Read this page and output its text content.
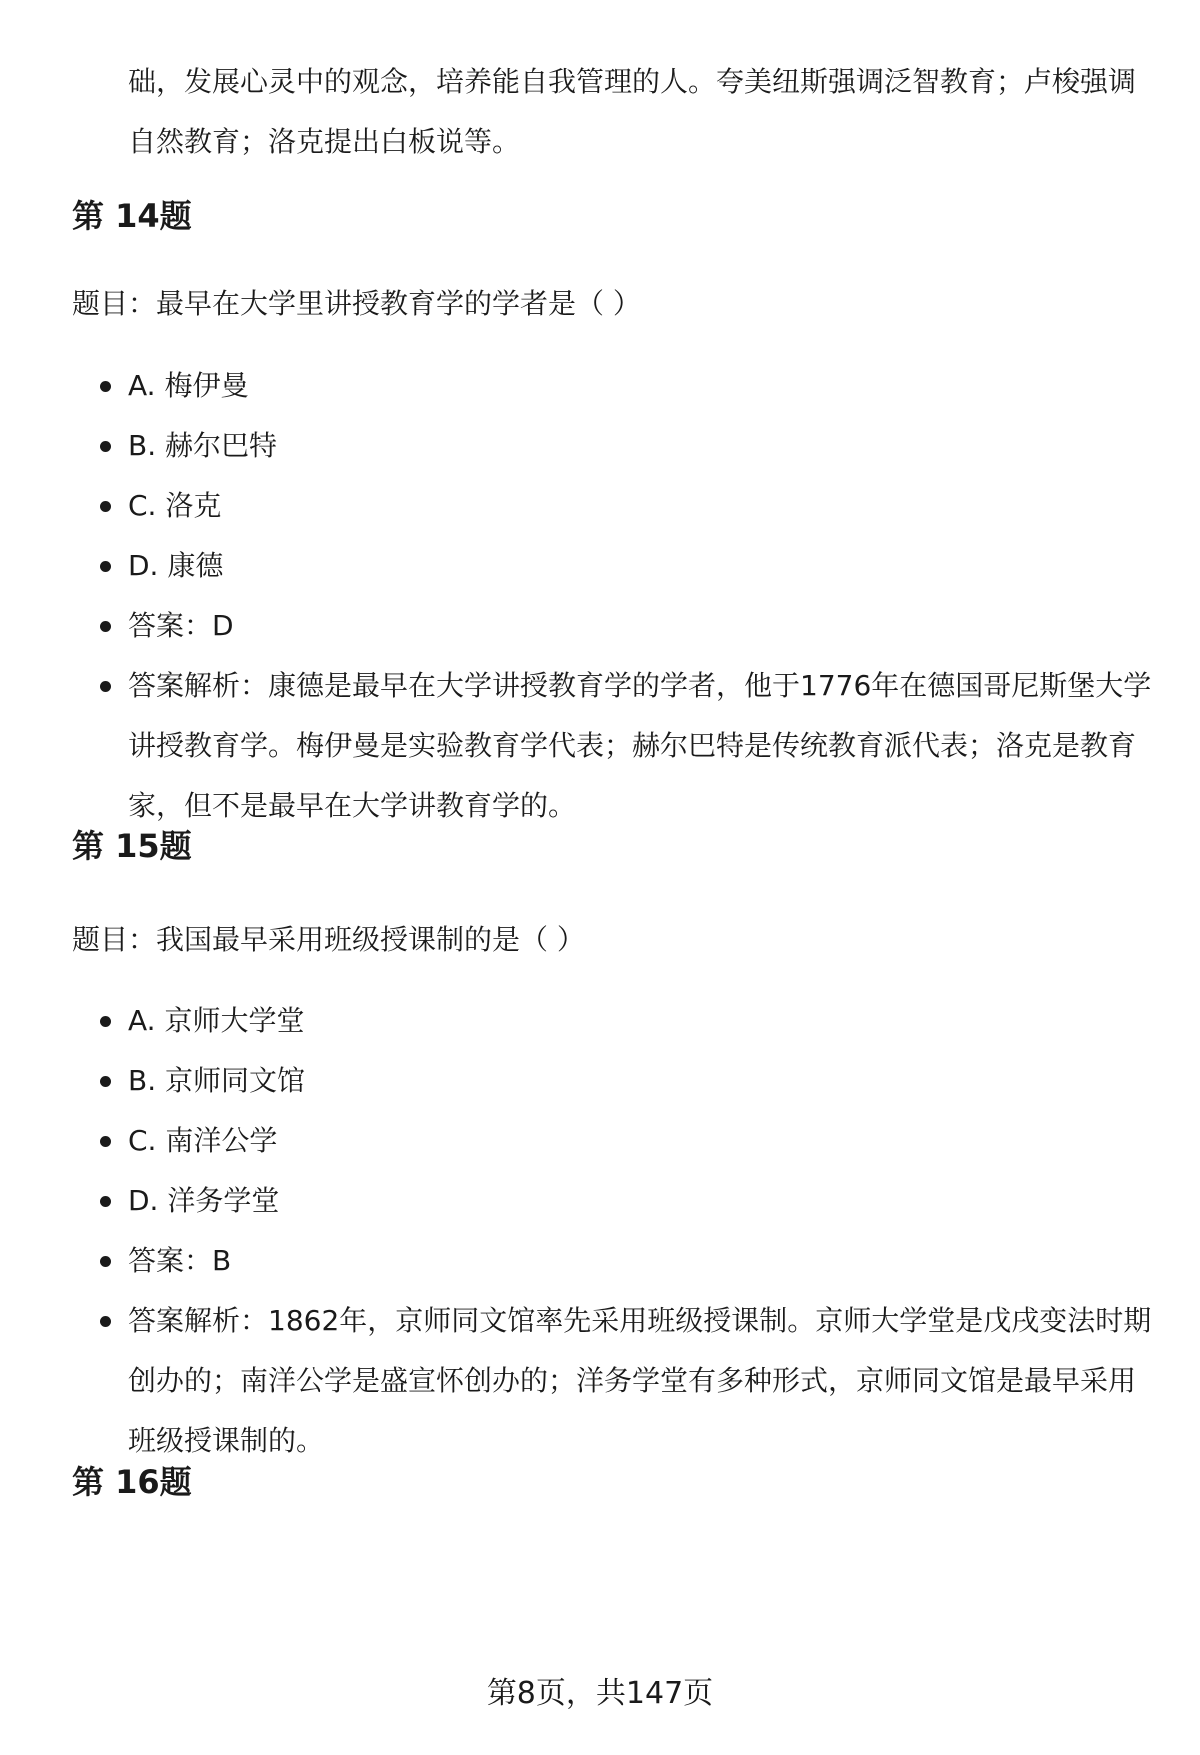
础，发展心灵中的观念，培养能自我管理的人。夸美纽斯强调泛智教育；卢梭强调自然教育；洛克提出白板说等。
第 14题
题目：最早在大学里讲授教育学的学者是（ ）
A. 梅伊曼
B. 赫尔巴特
C. 洛克
D. 康德
答案：D
答案解析：康德是最早在大学讲授教育学的学者，他于1776年在德国哥尼斯堡大学讲授教育学。梅伊曼是实验教育学代表；赫尔巴特是传统教育派代表；洛克是教育家，但不是最早在大学讲教育学的。
第 15题
题目：我国最早采用班级授课制的是（ ）
A. 京师大学堂
B. 京师同文馆
C. 南洋公学
D. 洋务学堂
答案：B
答案解析：1862年，京师同文馆率先采用班级授课制。京师大学堂是戊戌变法时期创办的；南洋公学是盛宣怀创办的；洋务学堂有多种形式，京师同文馆是最早采用班级授课制的。
第 16题
第8页，共147页
